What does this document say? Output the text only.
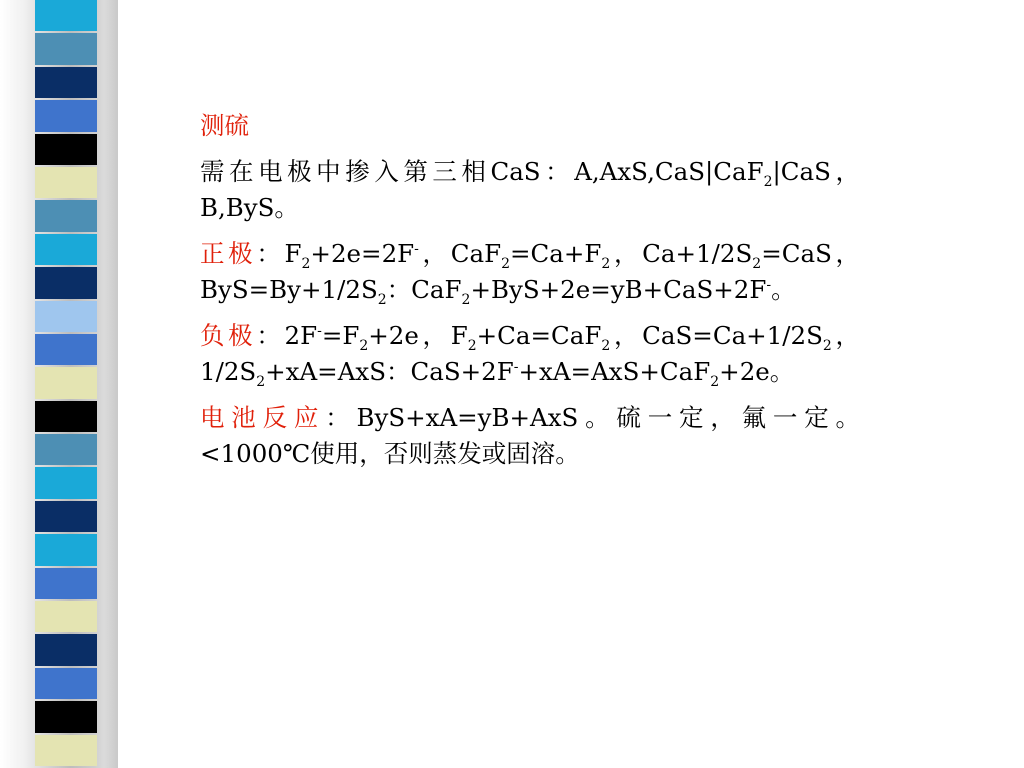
测硫

需在电极中掺入第三相CaS：A,AxS,CaS|CaF$_2$|CaS，B,ByS。

正极：$F_2+2e=2F^-$，$CaF_2=Ca+F_2$，$Ca+1/2S_2=CaS$，$ByS=By+1/2S_2$：CaF$_2$+ByS+2e=yB+CaS+2F-。

负极：$2F^-=F_2+2e$，$F_2+Ca=CaF_2$，$CaS=Ca+1/2S_2$，$1/2S_2+xA=AxS$：CaS+2F-+xA=AxS+CaF$_2$+2e。

电池反应：ByS+xA=yB+AxS。硫一定，氟一定。<1000℃使用，否则蒸发或固溶。
